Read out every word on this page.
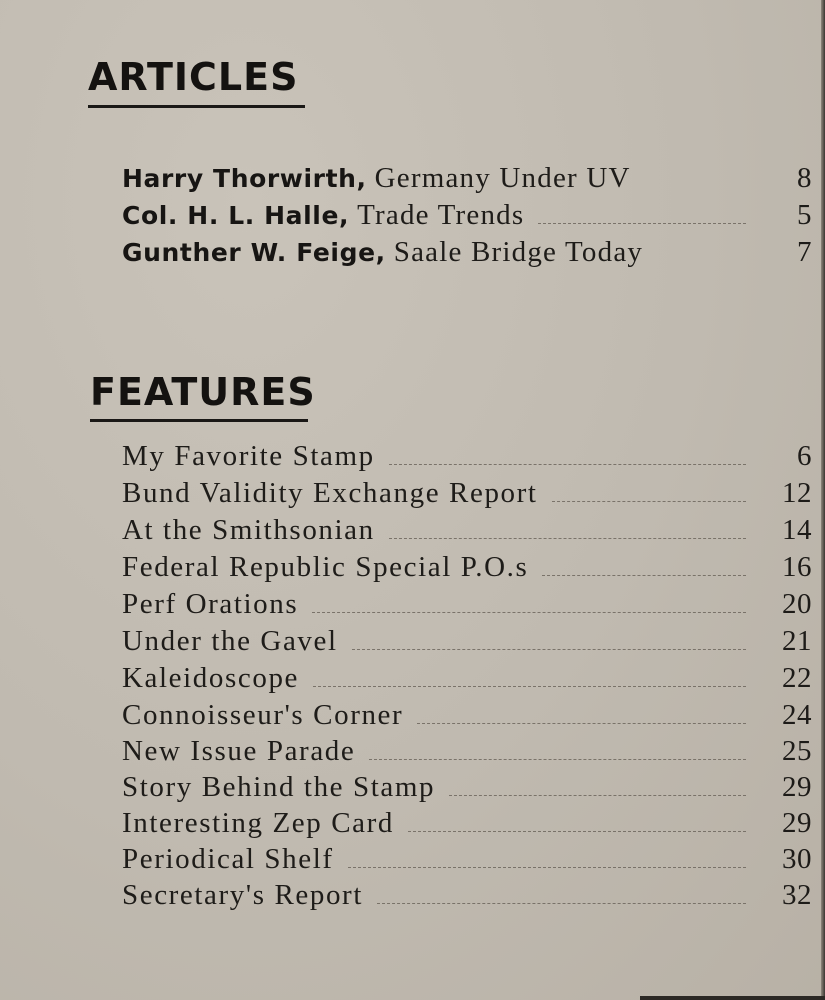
ARTICLES
Harry Thorwirth, Germany Under UV	8
Col. H. L. Halle, Trade Trends	5
Gunther W. Feige, Saale Bridge Today	7
FEATURES
My Favorite Stamp	6
Bund Validity Exchange Report	12
At the Smithsonian	14
Federal Republic Special P.O.s	16
Perf Orations	20
Under the Gavel	21
Kaleidoscope	22
Connoisseur's Corner	24
New Issue Parade	25
Story Behind the Stamp	29
Interesting Zep Card	29
Periodical Shelf	30
Secretary's Report	32
